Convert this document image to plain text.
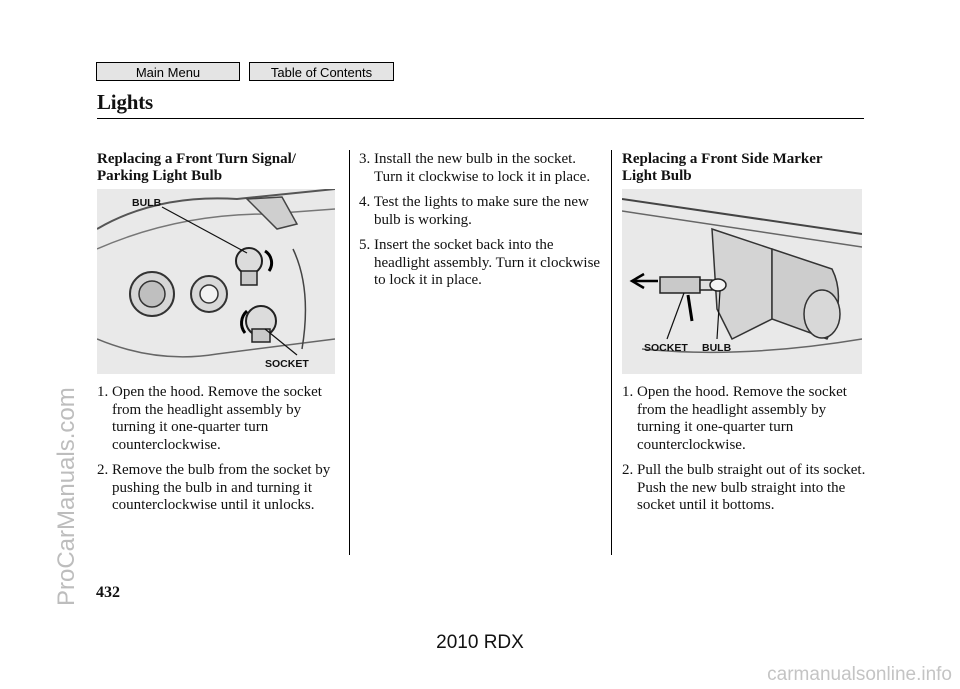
Main Menu	Table of Contents
Lights
Replacing a Front Turn Signal/
Parking Light Bulb
BULB
SOCKET
1. Open the hood. Remove the socket from the headlight assembly by turning it one-quarter turn counterclockwise.
2. Remove the bulb from the socket by pushing the bulb in and turning it counterclockwise until it unlocks.
3. Install the new bulb in the socket. Turn it clockwise to lock it in place.
4. Test the lights to make sure the new bulb is working.
5. Insert the socket back into the headlight assembly. Turn it clockwise to lock it in place.
Replacing a Front Side Marker
Light Bulb
SOCKET BULB
1. Open the hood. Remove the socket from the headlight assembly by turning it one-quarter turn counterclockwise.
2. Pull the bulb straight out of its socket. Push the new bulb straight into the socket until it bottoms.
432
2010 RDX
ProCarManuals.com
carmanualsonline.info
